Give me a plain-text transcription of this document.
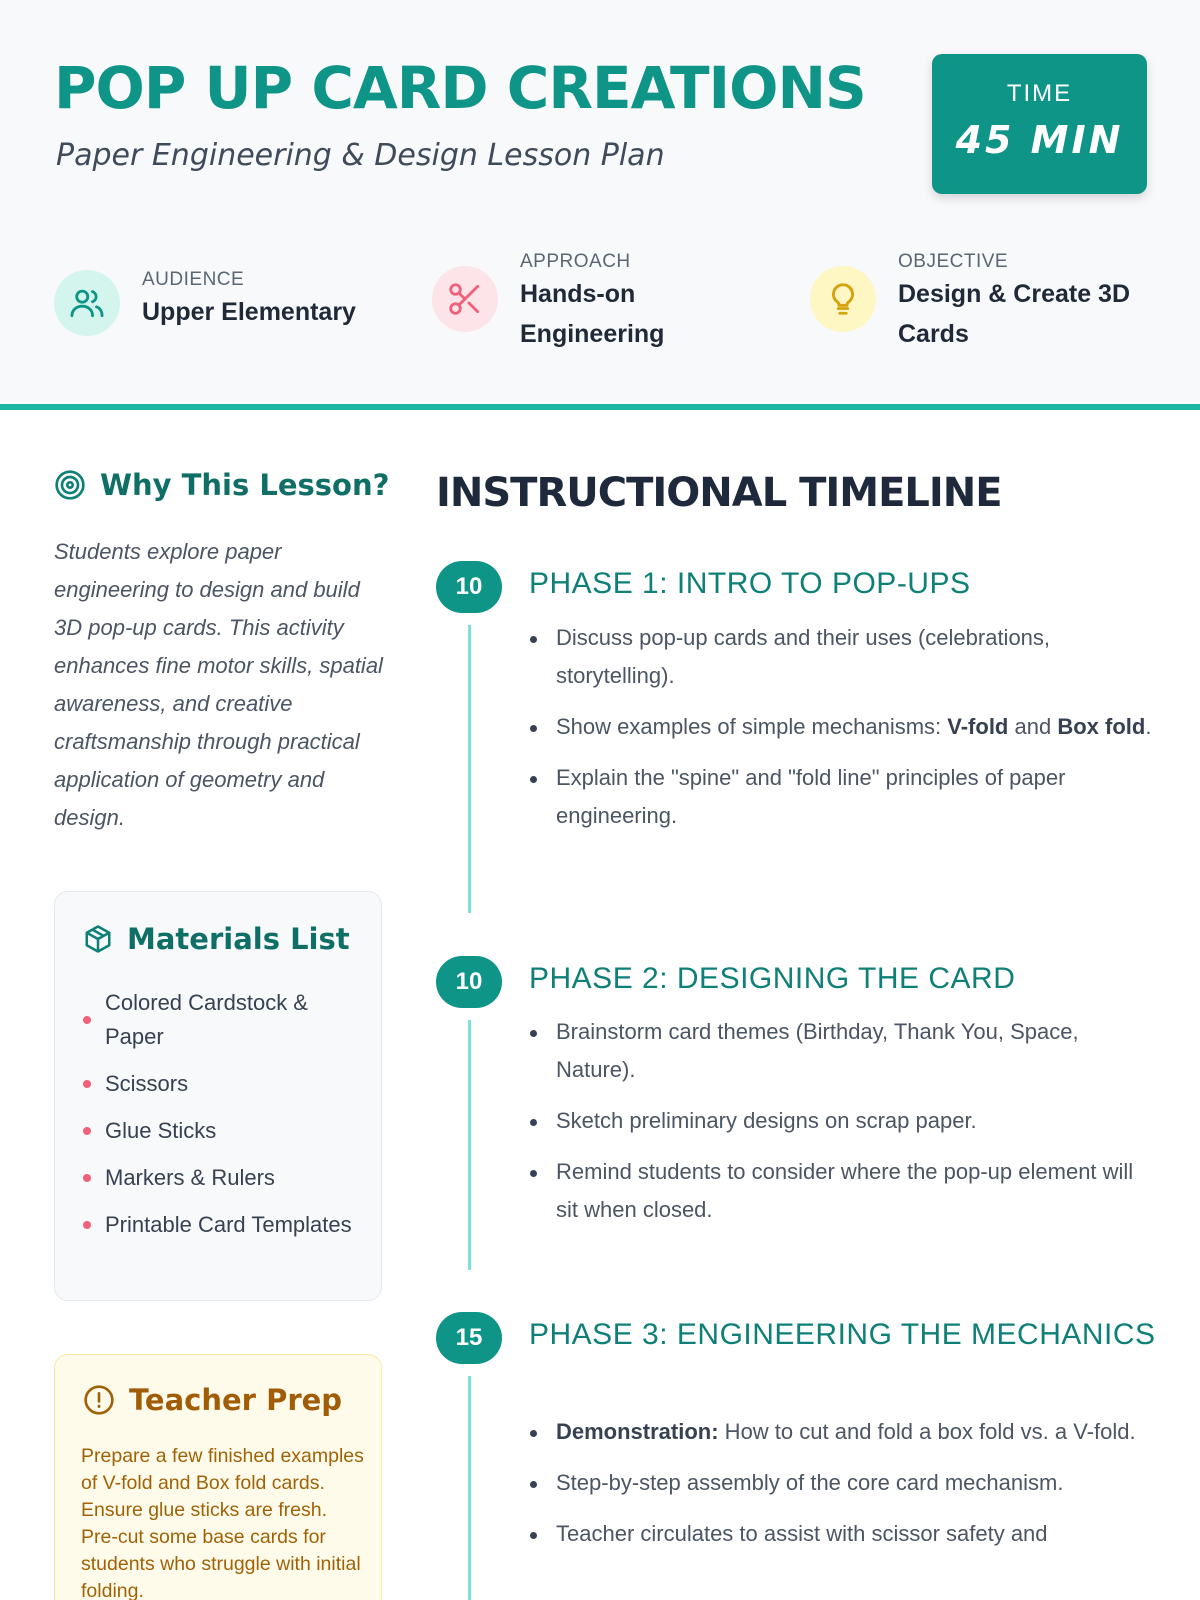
POP UP CARD CREATIONS
Paper Engineering & Design Lesson Plan
TIME
45 MIN
AUDIENCE
Upper Elementary
APPROACH
Hands-on Engineering
OBJECTIVE
Design & Create 3D Cards
Why This Lesson?
Students explore paper engineering to design and build 3D pop-up cards. This activity enhances fine motor skills, spatial awareness, and creative craftsmanship through practical application of geometry and design.
Materials List
Colored Cardstock & Paper
Scissors
Glue Sticks
Markers & Rulers
Printable Card Templates
Teacher Prep
Prepare a few finished examples of V-fold and Box fold cards. Ensure glue sticks are fresh. Pre-cut some base cards for students who struggle with initial folding.
INSTRUCTIONAL TIMELINE
10	PHASE 1: INTRO TO POP-UPS
Discuss pop-up cards and their uses (celebrations, storytelling).
Show examples of simple mechanisms: V-fold and Box fold.
Explain the "spine" and "fold line" principles of paper engineering.
10	PHASE 2: DESIGNING THE CARD
Brainstorm card themes (Birthday, Thank You, Space, Nature).
Sketch preliminary designs on scrap paper.
Remind students to consider where the pop-up element will sit when closed.
15	PHASE 3: ENGINEERING THE MECHANICS
Demonstration: How to cut and fold a box fold vs. a V-fold.
Step-by-step assembly of the core card mechanism.
Teacher circulates to assist with scissor safety and
